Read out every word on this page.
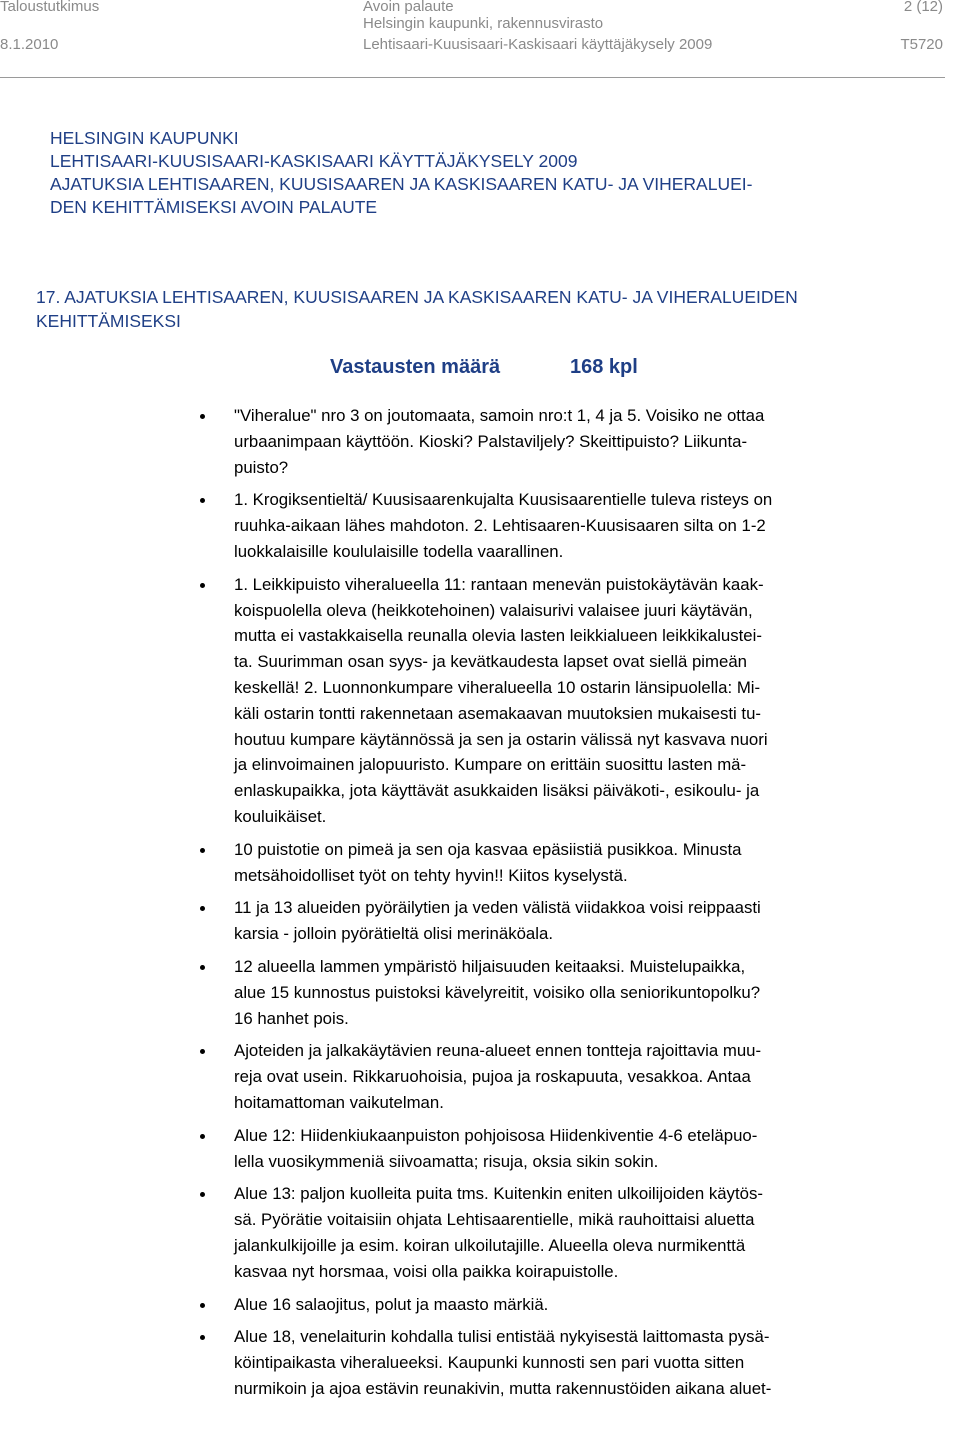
Taloustutkimus
8.1.2010
Avoin palaute
Helsingin kaupunki, rakennusvirasto
Lehtisaari-Kuusisaari-Kaskisaari käyttäjäkysely 2009
2 (12)
T5720
HELSINGIN KAUPUNKI
LEHTISAARI-KUUSISAARI-KASKISAARI KÄYTTÄJÄKYSELY 2009
AJATUKSIA LEHTISAAREN, KUUSISAAREN JA KASKISAAREN KATU- JA VIHERALUEI-
DEN KEHITTÄMISEKSI AVOIN PALAUTE
17. AJATUKSIA LEHTISAAREN, KUUSISAAREN JA KASKISAAREN KATU- JA VIHERALUEIDEN
KEHITTÄMISEKSI
Vastausten määrä	168 kpl
"Viheralue" nro 3 on joutomaata, samoin nro:t 1, 4 ja 5. Voisiko ne ottaa
urbaanimpaan käyttöön. Kioski? Palstaviljely? Skeittipuisto? Liikunta-
puisto?
1. Krogiksentieltä/ Kuusisaarenkujalta Kuusisaarentielle tuleva risteys on
ruuhka-aikaan lähes mahdoton. 2. Lehtisaaren-Kuusisaaren silta on 1-2
luokkalaisille koululaisille todella vaarallinen.
1. Leikkipuisto viheralueella 11: rantaan menevän puistokäytävän kaak-
koispuolella oleva (heikkotehoinen) valaisurivi valaisee juuri käytävän,
mutta ei vastakkaisella reunalla olevia lasten leikkialueen leikkikalustei-
ta. Suurimman osan syys- ja kevätkaudesta lapset ovat siellä pimeän
keskellä! 2. Luonnonkumpare viheralueella 10 ostarin länsipuolella: Mi-
käli ostarin tontti rakennetaan asemakaavan muutoksien mukaisesti tu-
houtuu kumpare käytännössä ja sen ja ostarin välissä nyt kasvava nuori
ja elinvoimainen jalopuuristo. Kumpare on erittäin suosittu lasten mä-
enlaskupaikka, jota käyttävät asukkaiden lisäksi päiväkoti-, esikoulu- ja
kouluikäiset.
10 puistotie on pimeä ja sen oja kasvaa epäsiistiä pusikkoa. Minusta
metsähoidolliset työt on tehty hyvin!! Kiitos kyselystä.
11 ja 13 alueiden pyöräilytien ja veden välistä viidakkoa voisi reippaasti
karsia - jolloin pyörätieltä olisi merinäköala.
12 alueella lammen ympäristö hiljaisuuden keitaaksi. Muistelupaikka,
alue 15 kunnostus puistoksi kävelyreitit, voisiko olla seniorikuntopolku?
16 hanhet pois.
Ajoteiden ja jalkakäytävien reuna-alueet ennen tontteja rajoittavia muu-
reja ovat usein. Rikkaruohoisia, pujoa ja roskapuuta, vesakkoa. Antaa
hoitamattoman vaikutelman.
Alue 12: Hiidenkiukaanpuiston pohjoisosa Hiidenkiventie 4-6 eteläpuo-
lella vuosikymmeniä siivoamatta; risuja, oksia sikin sokin.
Alue 13: paljon kuolleita puita tms. Kuitenkin eniten ulkoilijoiden käytös-
sä. Pyörätie voitaisiin ohjata Lehtisaarentielle, mikä rauhoittaisi aluetta
jalankulkijoille ja esim. koiran ulkoilutajille. Alueella oleva nurmikenttä
kasvaa nyt horsmaa, voisi olla paikka koirapuistolle.
Alue 16 salaojitus, polut ja maasto märkiä.
Alue 18, venelaiturin kohdalla tulisi entistää nykyisestä laittomasta pysä-
köintipaikasta viheralueeksi. Kaupunki kunnosti sen pari vuotta sitten
nurmikoin ja ajoa estävin reunakivin, mutta rakennustöiden aikana aluet-
